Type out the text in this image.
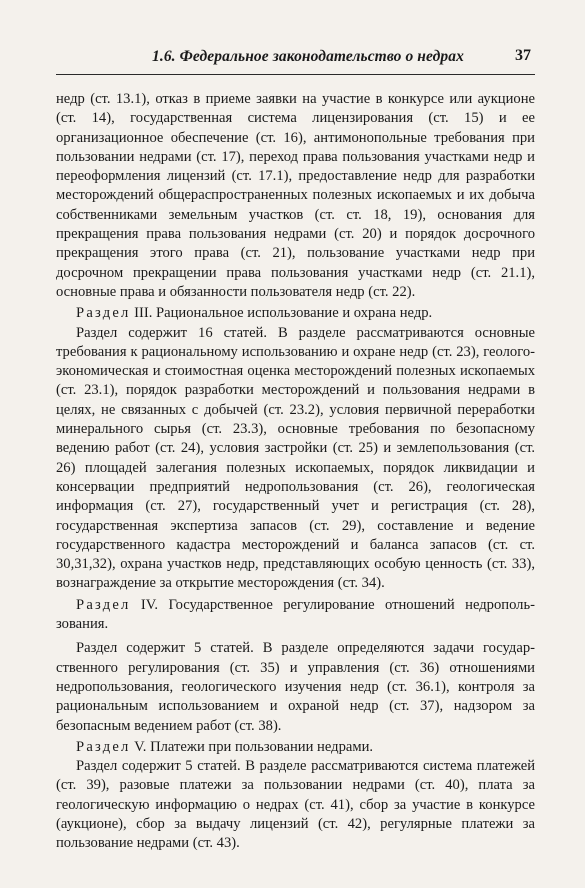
1.6. Федеральное законодательство о недрах	37

недр (ст. 13.1), отказ в приеме заявки на участие в конкурсе или аукционе (ст. 14), государственная система лицензирования (ст. 15) и ее организационное обеспечение (ст. 16), антимонопольные требования при пользовании недрами (ст. 17), переход права пользования участками недр и переоформления лицензий (ст. 17.1), предоставление недр для разработки месторождений общераспространенных полезных ископаемых и их добыча собственниками земельным участков (ст. ст. 18, 19), основания для прекращения права пользования недрами (ст. 20) и порядок досрочного прекращения этого права (ст. 21), пользование участками недр при досрочном прекращении права пользования участками недр (ст. 21.1), основные права и обязанности пользователя недр (ст. 22).

Раздел III. Рациональное использование и охрана недр.

Раздел содержит 16 статей. В разделе рассматриваются основные требования к рациональному использованию и охране недр (ст. 23), геолого-экономическая и стоимостная оценка месторождений полезных ископаемых (ст. 23.1), порядок разработки месторождений и пользования недрами в целях, не связанных с добычей (ст. 23.2), условия первичной переработки минерального сырья (ст. 23.3), основные требования по безопасному ведению работ (ст. 24), условия застройки (ст. 25) и землепользования (ст. 26) площадей залегания полезных ископаемых, порядок ликвидации и консервации предприятий недропользования (ст. 26), геологическая информация (ст. 27), государственный учет и регистрация (ст. 28), государственная экспертиза запасов (ст. 29), составление и ведение государственного кадастра месторождений и баланса запасов (ст. ст. 30,31,32), охрана участков недр, представляющих особую ценность (ст. 33), вознаграждение за открытие месторождения (ст. 34).

Раздел IV. Государственное регулирование отношений недропользования.

Раздел содержит 5 статей. В разделе определяются задачи государственного регулирования (ст. 35) и управления (ст. 36) отношениями недропользования, геологического изучения недр (ст. 36.1), контроля за рациональным использованием и охраной недр (ст. 37), надзором за безопасным ведением работ (ст. 38).

Раздел V. Платежи при пользовании недрами.

Раздел содержит 5 статей. В разделе рассматриваются система платежей (ст. 39), разовые платежи за пользовании недрами (ст. 40), плата за геологическую информацию о недрах (ст. 41), сбор за участие в конкурсе (аукционе), сбор за выдачу лицензий (ст. 42), регулярные платежи за пользование недрами (ст. 43).
